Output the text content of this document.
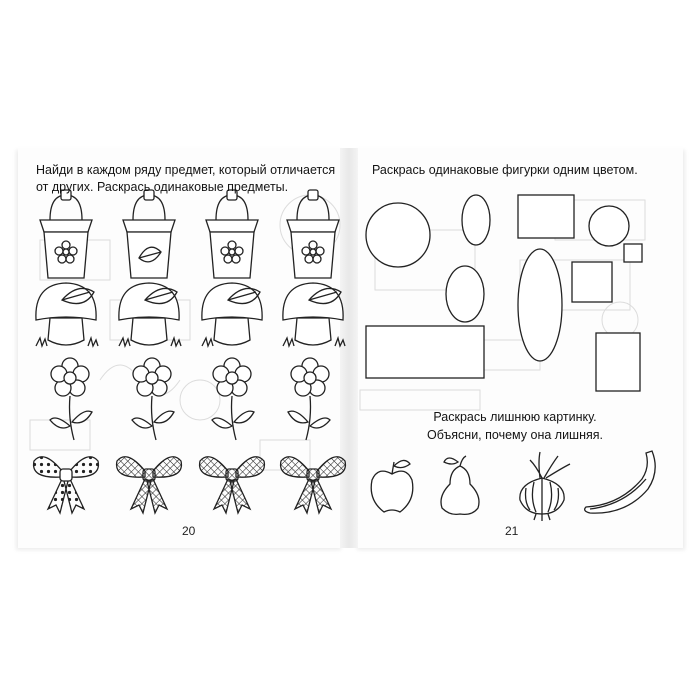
Найди в каждом ряду предмет, который отличается
от других. Раскрась одинаковые предметы.
Раскрась одинаковые фигурки одним цветом.
Раскрась лишнюю картинку.
Объясни, почему она лишняя.
20	21
